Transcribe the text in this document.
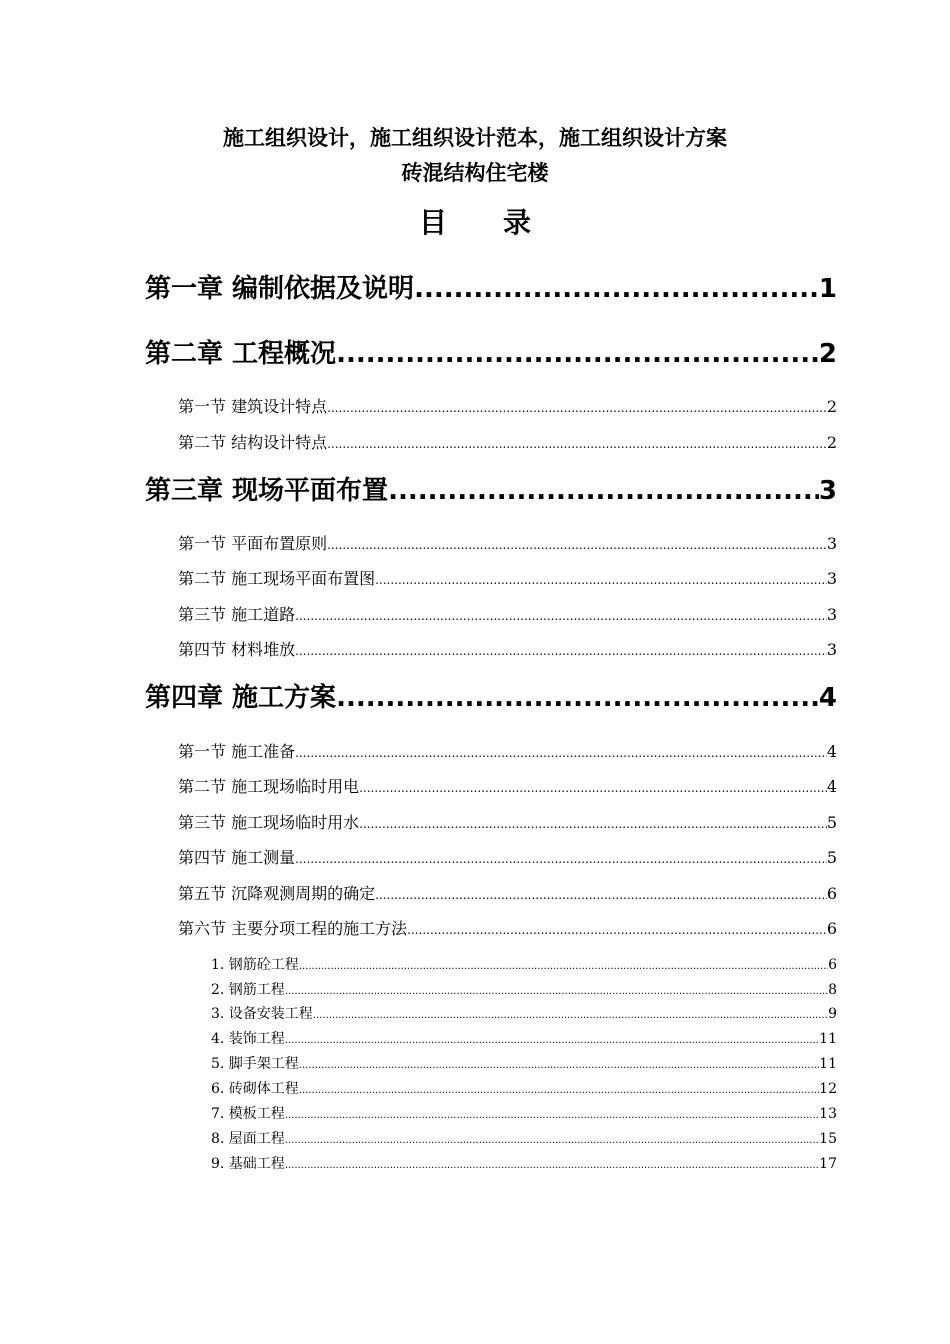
施工组织设计，施工组织设计范本，施工组织设计方案
砖混结构住宅楼
目 录
第一章 编制依据及说明 .....	1
第二章 工程概况 .....	2
第一节 建筑设计特点 .....	2
第二节 结构设计特点 .....	2
第三章 现场平面布置 .....	3
第一节 平面布置原则 .....	3
第二节 施工现场平面布置图 .....	3
第三节 施工道路 .....	3
第四节 材料堆放 .....	3
第四章 施工方案 .....	4
第一节 施工准备 .....	4
第二节 施工现场临时用电 .....	4
第三节 施工现场临时用水 .....	5
第四节 施工测量 .....	5
第五节 沉降观测周期的确定 .....	6
第六节 主要分项工程的施工方法 .....	6
1. 钢筋砼工程 .....	6
2. 钢筋工程 .....	8
3. 设备安装工程 .....	9
4. 装饰工程 .....	11
5. 脚手架工程 .....	11
6. 砖砌体工程 .....	12
7. 模板工程 .....	13
8. 屋面工程 .....	15
9. 基础工程 .....	17
